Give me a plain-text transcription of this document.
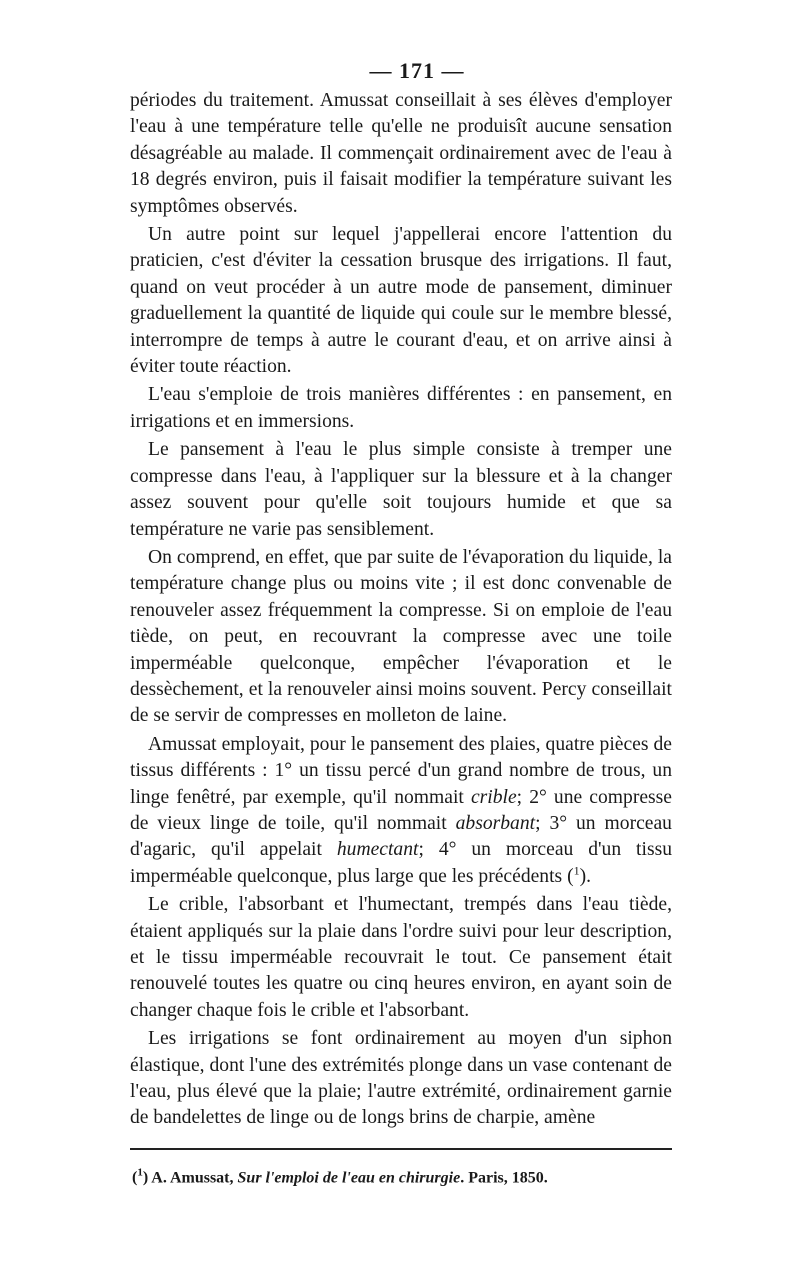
— 171 —

périodes du traitement. Amussat conseillait à ses élèves d'employer l'eau à une température telle qu'elle ne produisît aucune sensation désagréable au malade. Il commençait ordinairement avec de l'eau à 18 degrés environ, puis il faisait modifier la température suivant les symptômes observés.

Un autre point sur lequel j'appellerai encore l'attention du praticien, c'est d'éviter la cessation brusque des irrigations. Il faut, quand on veut procéder à un autre mode de pansement, diminuer graduellement la quantité de liquide qui coule sur le membre blessé, interrompre de temps à autre le courant d'eau, et on arrive ainsi à éviter toute réaction.

L'eau s'emploie de trois manières différentes : en pansement, en irrigations et en immersions.

Le pansement à l'eau le plus simple consiste à tremper une compresse dans l'eau, à l'appliquer sur la blessure et à la changer assez souvent pour qu'elle soit toujours humide et que sa température ne varie pas sensiblement.

On comprend, en effet, que par suite de l'évaporation du liquide, la température change plus ou moins vite ; il est donc convenable de renouveler assez fréquemment la compresse. Si on emploie de l'eau tiède, on peut, en recouvrant la compresse avec une toile imperméable quelconque, empêcher l'évaporation et le dessèchement, et la renouveler ainsi moins souvent. Percy conseillait de se servir de compresses en molleton de laine.

Amussat employait, pour le pansement des plaies, quatre pièces de tissus différents : 1° un tissu percé d'un grand nombre de trous, un linge fenêtré, par exemple, qu'il nommait crible; 2° une compresse de vieux linge de toile, qu'il nommait absorbant; 3° un morceau d'agaric, qu'il appelait humectant; 4° un morceau d'un tissu imperméable quelconque, plus large que les précédents ($^1$).

Le crible, l'absorbant et l'humectant, trempés dans l'eau tiède, étaient appliqués sur la plaie dans l'ordre suivi pour leur description, et le tissu imperméable recouvrait le tout. Ce pansement était renouvelé toutes les quatre ou cinq heures environ, en ayant soin de changer chaque fois le crible et l'absorbant.

Les irrigations se font ordinairement au moyen d'un siphon élastique, dont l'une des extrémités plonge dans un vase contenant de l'eau, plus élevé que la plaie; l'autre extrémité, ordinairement garnie de bandelettes de linge ou de longs brins de charpie, amène

($^1$) A. Amussat, Sur l'emploi de l'eau en chirurgie. Paris, 1850.
